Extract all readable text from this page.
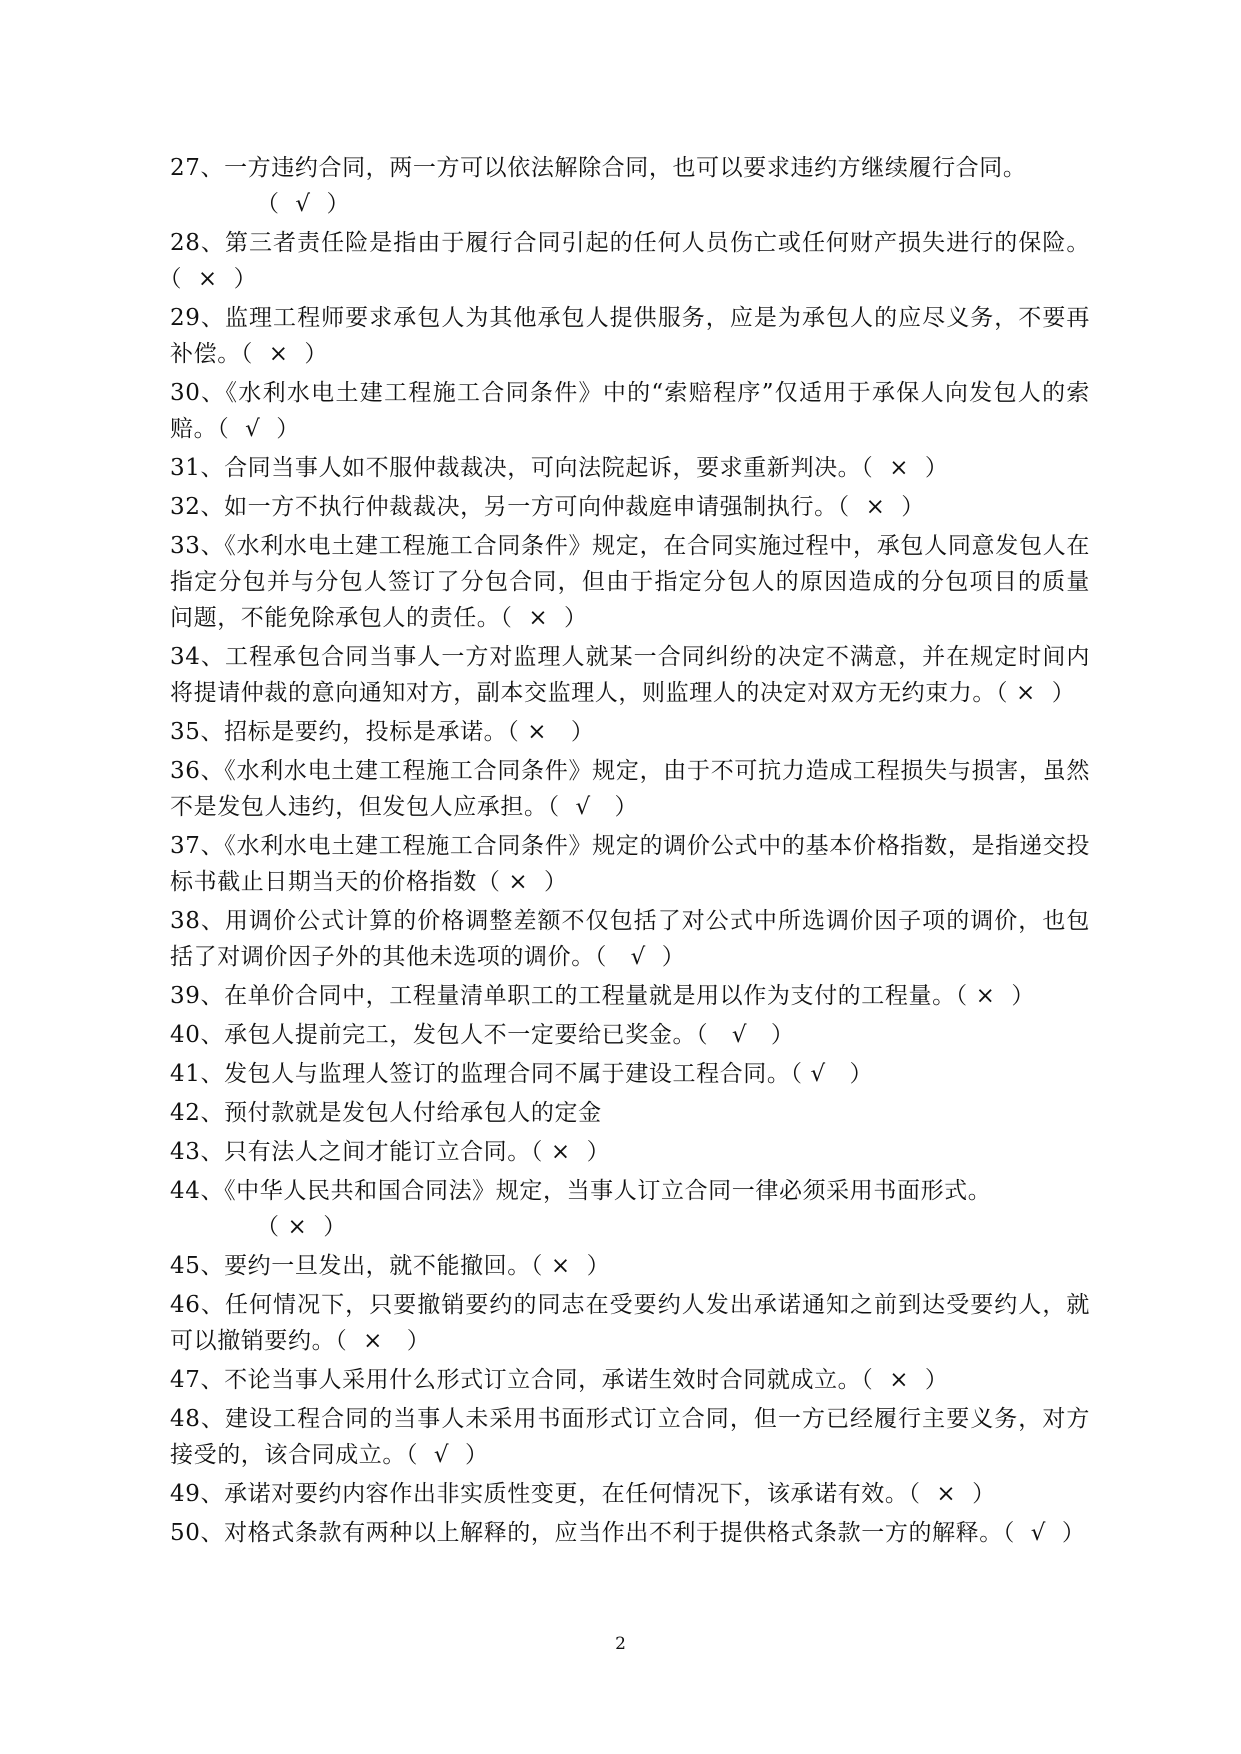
27、一方违约合同，两一方可以依法解除合同，也可以要求违约方继续履行合同。
（  √  ）

28、第三者责任险是指由于履行合同引起的任何人员伤亡或任何财产损失进行的保险。（  ×  ）

29、监理工程师要求承包人为其他承包人提供服务，应是为承包人的应尽义务，不要再补偿。（  ×  ）

30、《水利水电土建工程施工合同条件》中的“索赔程序”仅适用于承保人向发包人的索赔。（  √  ）

31、合同当事人如不服仲裁裁决，可向法院起诉，要求重新判决。（  ×  ）

32、如一方不执行仲裁裁决，另一方可向仲裁庭申请强制执行。（  ×  ）

33、《水利水电土建工程施工合同条件》规定，在合同实施过程中，承包人同意发包人在指定分包并与分包人签订了分包合同，但由于指定分包人的原因造成的分包项目的质量问题，不能免除承包人的责任。（  ×  ）

34、工程承包合同当事人一方对监理人就某一合同纠纷的决定不满意，并在规定时间内将提请仲裁的意向通知对方，副本交监理人，则监理人的决定对双方无约束力。（ ×  ）

35、招标是要约，投标是承诺。（ ×   ）

36、《水利水电土建工程施工合同条件》规定，由于不可抗力造成工程损失与损害，虽然不是发包人违约，但发包人应承担。（  √   ）

37、《水利水电土建工程施工合同条件》规定的调价公式中的基本价格指数，是指递交投标书截止日期当天的价格指数（ ×  ）

38、用调价公式计算的价格调整差额不仅包括了对公式中所选调价因子项的调价，也包括了对调价因子外的其他未选项的调价。（   √  ）

39、在单价合同中，工程量清单职工的工程量就是用以作为支付的工程量。（ ×  ）

40、承包人提前完工，发包人不一定要给已奖金。（   √   ）

41、发包人与监理人签订的监理合同不属于建设工程合同。（ √   ）

42、预付款就是发包人付给承包人的定金

43、只有法人之间才能订立合同。（ ×  ）

44、《中华人民共和国合同法》规定，当事人订立合同一律必须采用书面形式。
（ ×  ）

45、要约一旦发出，就不能撤回。（ ×  ）

46、任何情况下，只要撤销要约的同志在受要约人发出承诺通知之前到达受要约人，就可以撤销要约。（  ×   ）

47、不论当事人采用什么形式订立合同，承诺生效时合同就成立。（  ×  ）

48、建设工程合同的当事人未采用书面形式订立合同，但一方已经履行主要义务，对方接受的，该合同成立。（  √  ）

49、承诺对要约内容作出非实质性变更，在任何情况下，该承诺有效。（  ×  ）

50、对格式条款有两种以上解释的，应当作出不利于提供格式条款一方的解释。（  √  ）

2
